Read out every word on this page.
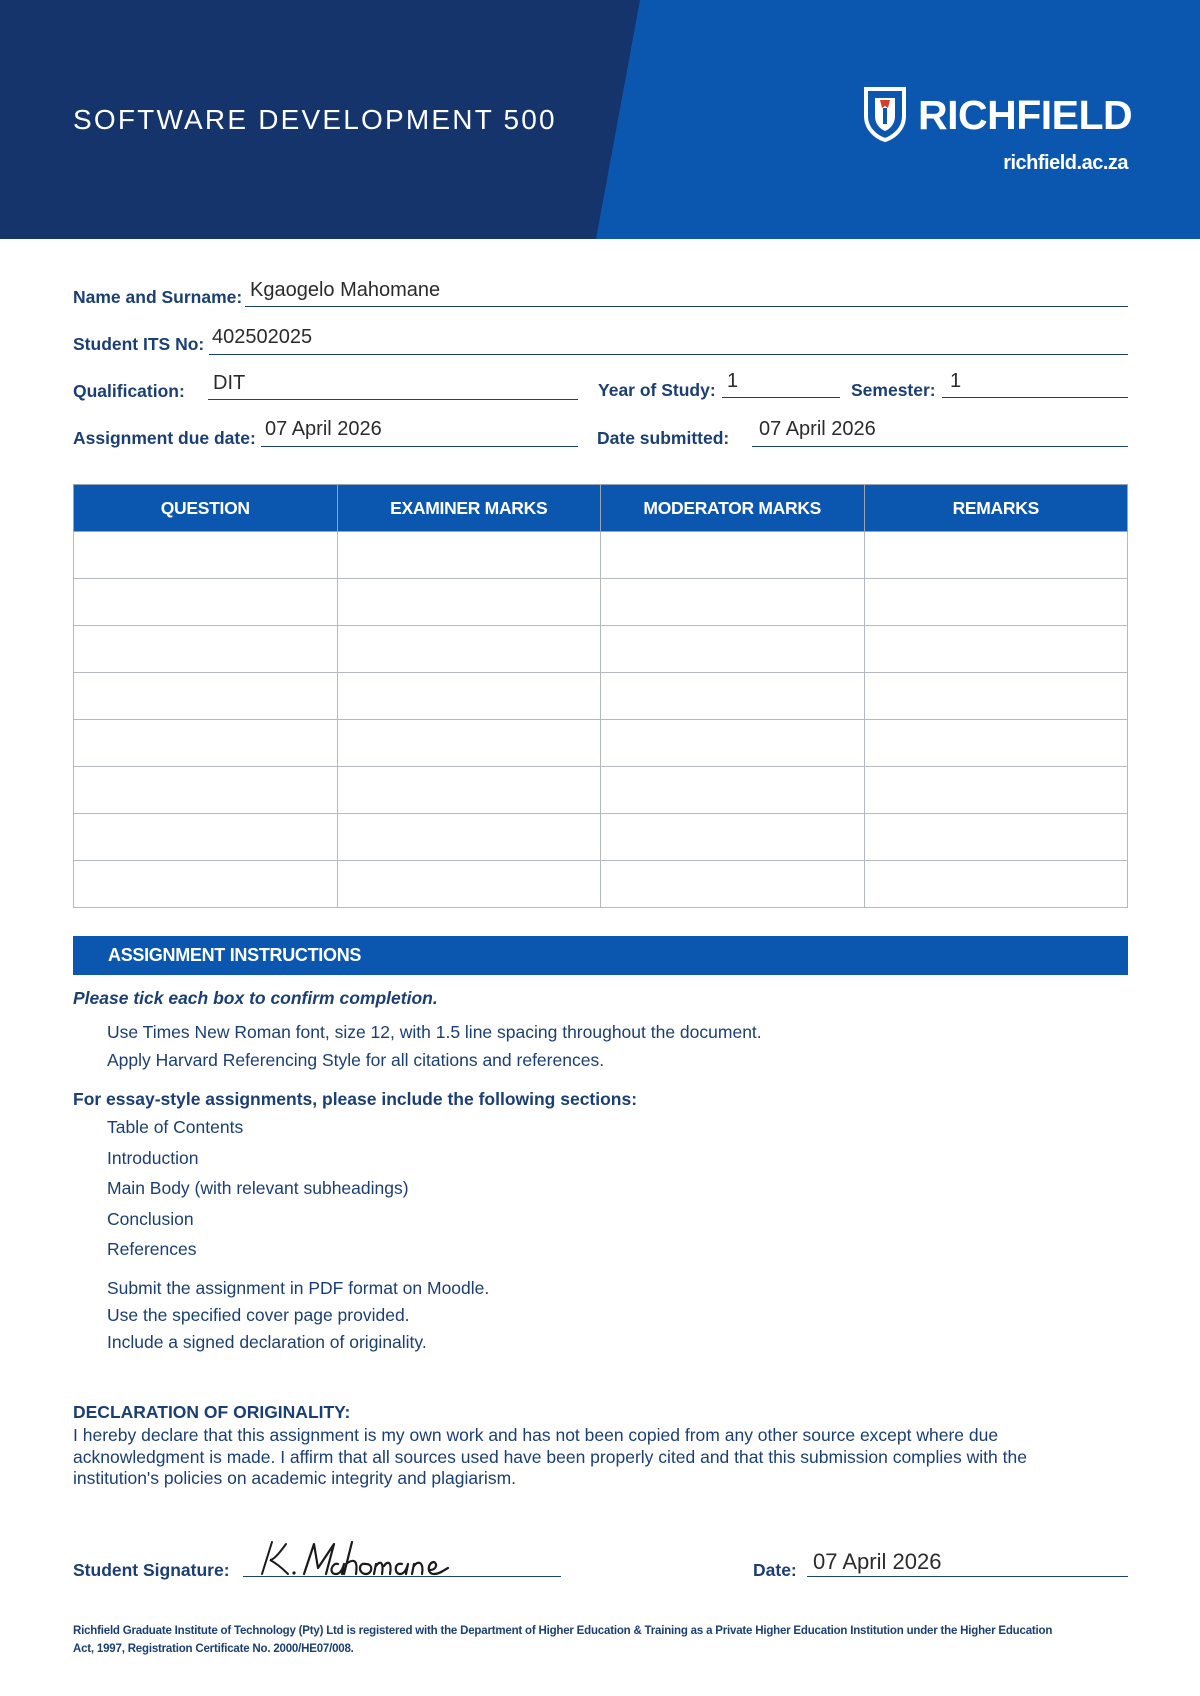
SOFTWARE DEVELOPMENT 500	RICHFIELD
richfield.ac.za
Name and Surname: Kgaogelo Mahomane
Student ITS No: 402502025
Qualification: DIT	Year of Study: 1	Semester: 1
Assignment due date: 07 April 2026	Date submitted: 07 April 2026
QUESTION	EXAMINER MARKS	MODERATOR MARKS	REMARKS

ASSIGNMENT INSTRUCTIONS
Please tick each box to confirm completion.
Use Times New Roman font, size 12, with 1.5 line spacing throughout the document.
Apply Harvard Referencing Style for all citations and references.
For essay-style assignments, please include the following sections:
Table of Contents
Introduction
Main Body (with relevant subheadings)
Conclusion
References
Submit the assignment in PDF format on Moodle.
Use the specified cover page provided.
Include a signed declaration of originality.
DECLARATION OF ORIGINALITY:
I hereby declare that this assignment is my own work and has not been copied from any other source except where due acknowledgment is made. I affirm that all sources used have been properly cited and that this submission complies with the institution's policies on academic integrity and plagiarism.
Student Signature:	Date: 07 April 2026
Richfield Graduate Institute of Technology (Pty) Ltd is registered with the Department of Higher Education & Training as a Private Higher Education Institution under the Higher Education Act, 1997, Registration Certificate No. 2000/HE07/008.
